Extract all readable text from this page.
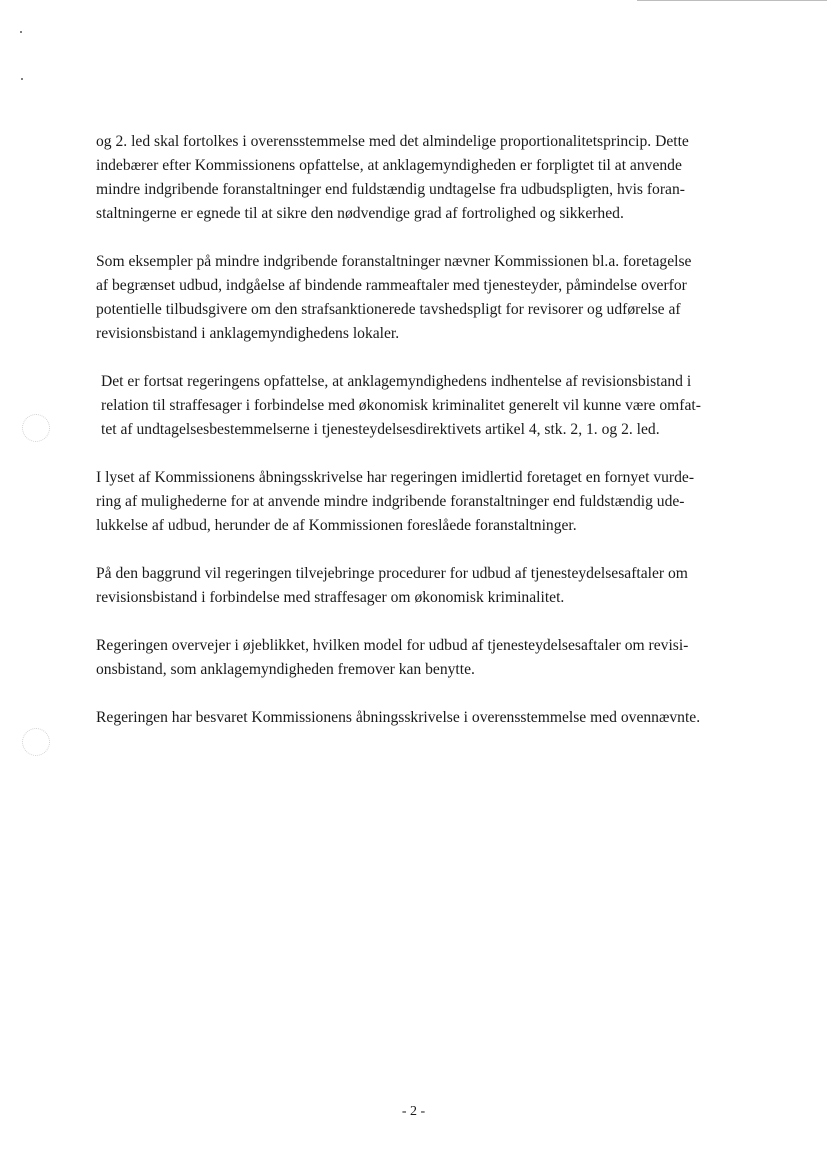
og 2. led skal fortolkes i overensstemmelse med det almindelige proportionalitetsprincip. Dette
indebærer efter Kommissionens opfattelse, at anklagemyndigheden er forpligtet til at anvende
mindre indgribende foranstaltninger end fuldstændig undtagelse fra udbudspligten, hvis foran-
staltningerne er egnede til at sikre den nødvendige grad af fortrolighed og sikkerhed.

Som eksempler på mindre indgribende foranstaltninger nævner Kommissionen bl.a. foretagelse
af begrænset udbud, indgåelse af bindende rammeaftaler med tjenesteyder, påmindelse overfor
potentielle tilbudsgivere om den strafsanktionerede tavshedspligt for revisorer og udførelse af
revisionsbistand i anklagemyndighedens lokaler.

Det er fortsat regeringens opfattelse, at anklagemyndighedens indhentelse af revisionsbistand i
relation til straffesager i forbindelse med økonomisk kriminalitet generelt vil kunne være omfat-
tet af undtagelsesbestemmelserne i tjenesteydelsesdirektivets artikel 4, stk. 2, 1. og 2. led.

I lyset af Kommissionens åbningsskrivelse har regeringen imidlertid foretaget en fornyet vurde-
ring af mulighederne for at anvende mindre indgribende foranstaltninger end fuldstændig ude-
lukkelse af udbud, herunder de af Kommissionen foreslåede foranstaltninger.

På den baggrund vil regeringen tilvejebringe procedurer for udbud af tjenesteydelsesaftaler om
revisionsbistand i forbindelse med straffesager om økonomisk kriminalitet.

Regeringen overvejer i øjeblikket, hvilken model for udbud af tjenesteydelsesaftaler om revisi-
onsbistand, som anklagemyndigheden fremover kan benytte.

Regeringen har besvaret Kommissionens åbningsskrivelse i overensstemmelse med ovennævnte.

- 2 -
